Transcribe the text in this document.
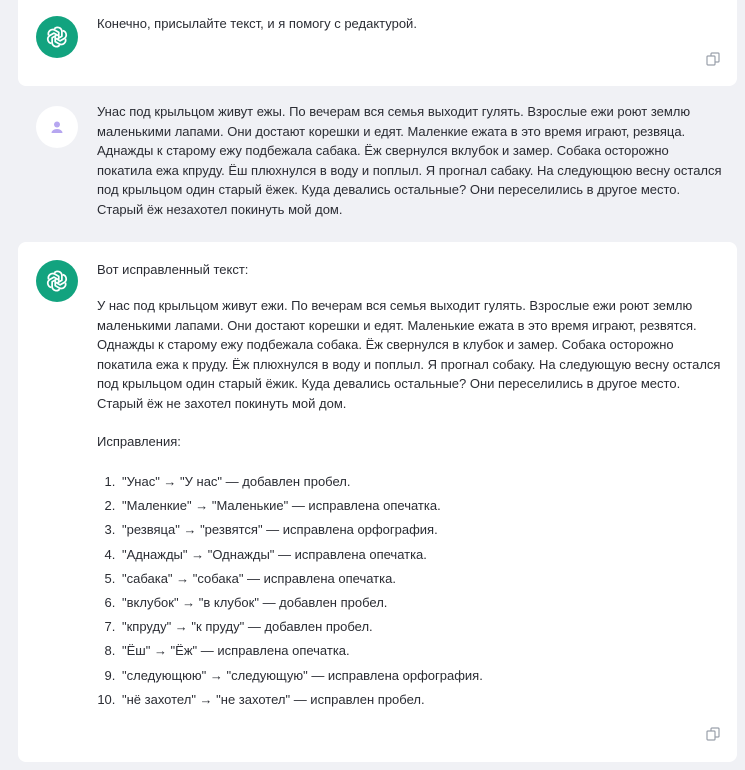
Конечно, присылайте текст, и я помогу с редактурой.
Унас под крыльцом живут ежы. По вечерам вся семья выходит гулять. Взрослые ежи роют землю маленькими лапами. Они достают корешки и едят. Маленкие ежата в это время играют, резвяца. Аднажды к старому ежу подбежала сабака. Ёж свернулся вклубок и замер. Собака осторожно покатила ежа кпруду. Ёш плюхнулся в воду и поплыл. Я прогнал сабаку. На следующюю весну остался под крыльцом один старый ёжек. Куда девались остальные? Они переселились в другое место. Старый ёж незахотел покинуть мой дом.
Вот исправленный текст:
У нас под крыльцом живут ежи. По вечерам вся семья выходит гулять. Взрослые ежи роют землю маленькими лапами. Они достают корешки и едят. Маленькие ежата в это время играют, резвятся. Однажды к старому ежу подбежала собака. Ёж свернулся в клубок и замер. Собака осторожно покатила ежа к пруду. Ёж плюхнулся в воду и поплыл. Я прогнал собаку. На следующую весну остался под крыльцом один старый ёжик. Куда девались остальные? Они переселились в другое место. Старый ёж не захотел покинуть мой дом.
Исправления:
1. "Унас" → "У нас" — добавлен пробел.
2. "Маленкие" → "Маленькие" — исправлена опечатка.
3. "резвяца" → "резвятся" — исправлена орфография.
4. "Аднажды" → "Однажды" — исправлена опечатка.
5. "сабака" → "собака" — исправлена опечатка.
6. "вклубок" → "в клубок" — добавлен пробел.
7. "кпруду" → "к пруду" — добавлен пробел.
8. "Ёш" → "Ёж" — исправлена опечатка.
9. "следующюю" → "следующую" — исправлена орфография.
10. "нё захотел" → "не захотел" — исправлен пробел.
